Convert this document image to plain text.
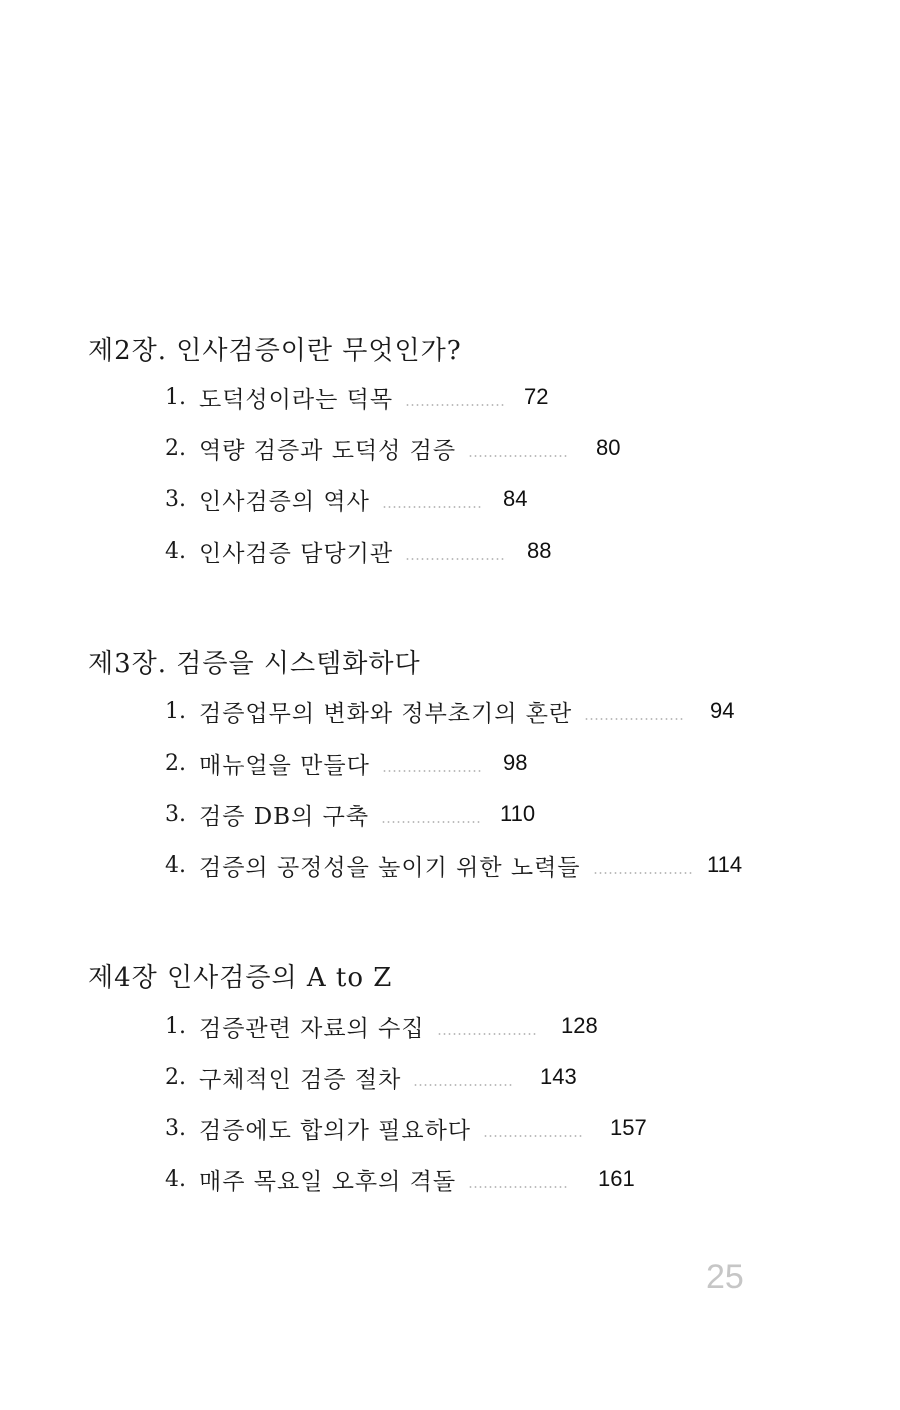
제2장. 인사검증이란 무엇인가?
1. 도덕성이라는 덕목	72
2. 역량 검증과 도덕성 검증	80
3. 인사검증의 역사	84
4. 인사검증 담당기관	88
제3장. 검증을 시스템화하다
1. 검증업무의 변화와 정부초기의 혼란	94
2. 매뉴얼을 만들다	98
3. 검증 DB의 구축	110
4. 검증의 공정성을 높이기 위한 노력들	114
제4장 인사검증의 A to Z
1. 검증관련 자료의 수집	128
2. 구체적인 검증 절차	143
3. 검증에도 합의가 필요하다	157
4. 매주 목요일 오후의 격돌	161
25
